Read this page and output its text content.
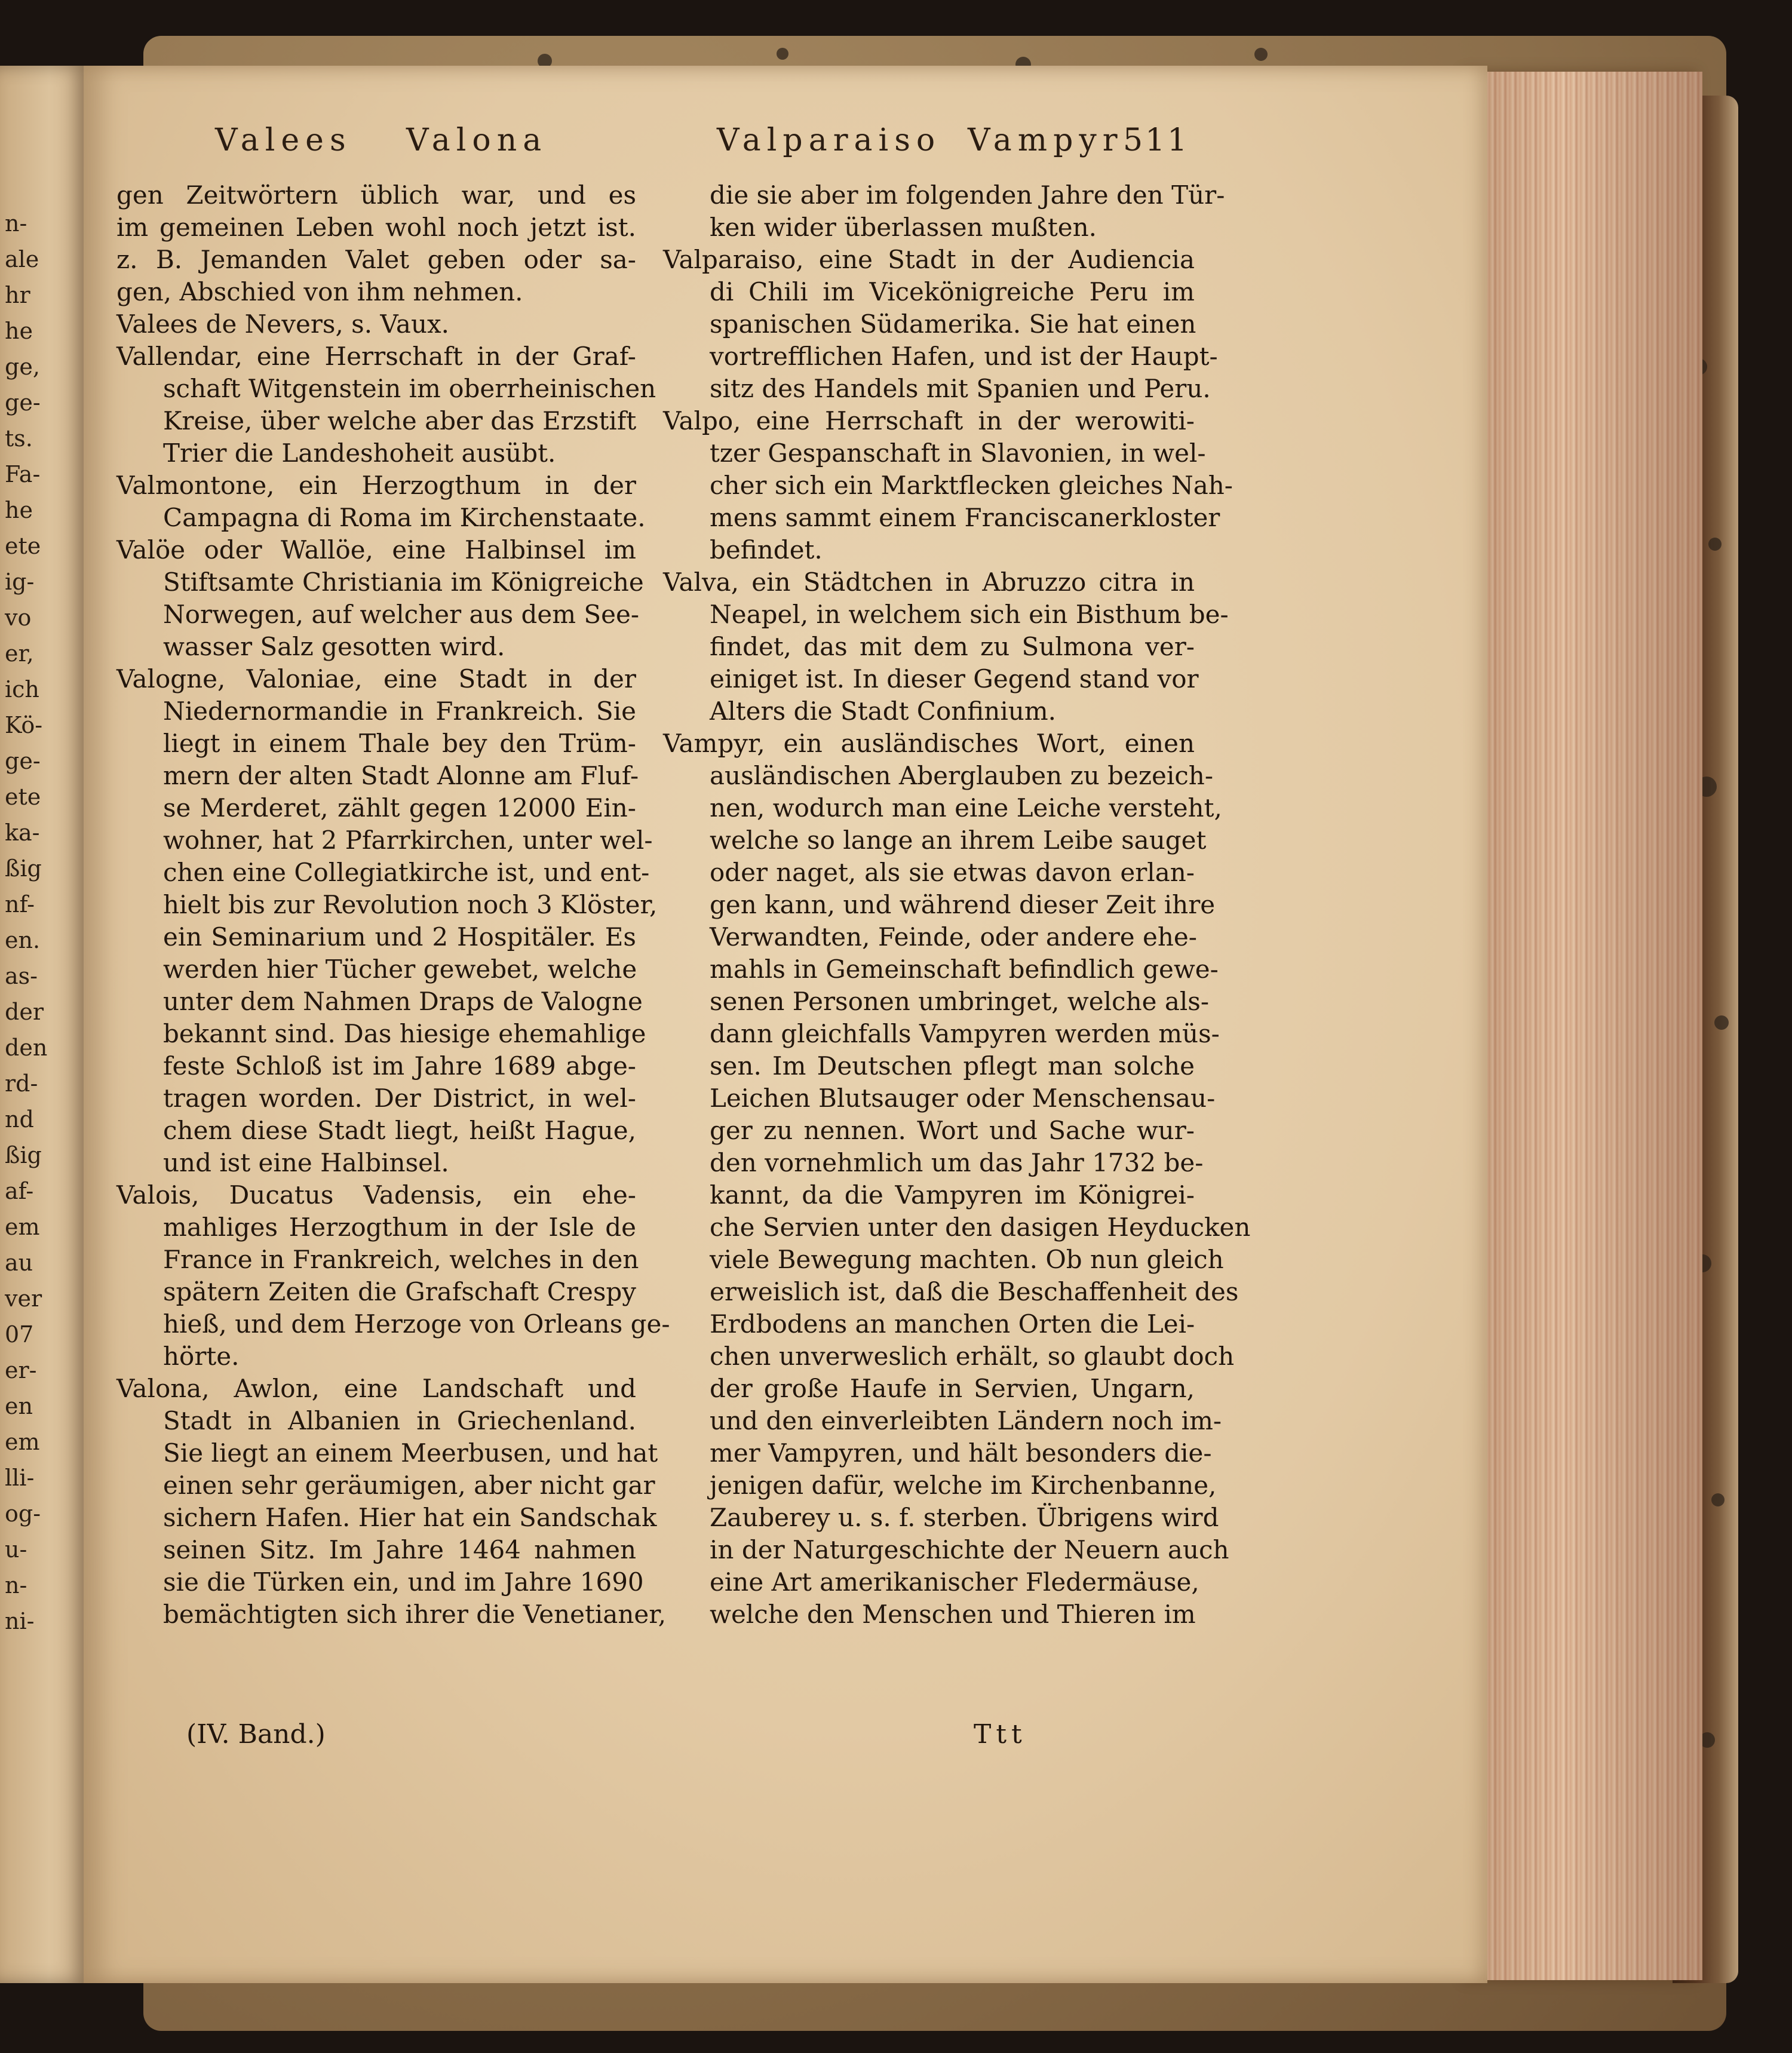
n-
ale
hr
he
ge,
ge-
ts.
Fa-
he
ete
ig-
vo
er,
ich
Kö-
ge-
ete
ka-
ßig
nf-
en.
as-
der
den
rd-
nd
ßig
af-
em
au
ver
07
er-
en
em
lli-
og-
u-
n-
ni-
Valees Valona	Valparaiso Vampyr 511
gen Zeitwörtern üblich war, und es
im gemeinen Leben wohl noch jetzt ist.
z. B. Jemanden Valet geben oder sa-
gen, Abschied von ihm nehmen.
Valees de Nevers, s. Vaux.
Vallendar, eine Herrschaft in der Graf-
schaft Witgenstein im oberrheinischen
Kreise, über welche aber das Erzstift
Trier die Landeshoheit ausübt.
Valmontone, ein Herzogthum in der
Campagna di Roma im Kirchenstaate.
Valöe oder Wallöe, eine Halbinsel im
Stiftsamte Christiania im Königreiche
Norwegen, auf welcher aus dem See-
wasser Salz gesotten wird.
Valogne, Valoniae, eine Stadt in der
Niedernormandie in Frankreich. Sie
liegt in einem Thale bey den Trüm-
mern der alten Stadt Alonne am Fluf-
se Merderet, zählt gegen 12000 Ein-
wohner, hat 2 Pfarrkirchen, unter wel-
chen eine Collegiatkirche ist, und ent-
hielt bis zur Revolution noch 3 Klöster,
ein Seminarium und 2 Hospitäler. Es
werden hier Tücher gewebet, welche
unter dem Nahmen Draps de Valogne
bekannt sind. Das hiesige ehemahlige
feste Schloß ist im Jahre 1689 abge-
tragen worden. Der District, in wel-
chem diese Stadt liegt, heißt Hague,
und ist eine Halbinsel.
Valois, Ducatus Vadensis, ein ehe-
mahliges Herzogthum in der Isle de
France in Frankreich, welches in den
spätern Zeiten die Grafschaft Crespy
hieß, und dem Herzoge von Orleans ge-
hörte.
Valona, Awlon, eine Landschaft und
Stadt in Albanien in Griechenland.
Sie liegt an einem Meerbusen, und hat
einen sehr geräumigen, aber nicht gar
sichern Hafen. Hier hat ein Sandschak
seinen Sitz. Im Jahre 1464 nahmen
sie die Türken ein, und im Jahre 1690
bemächtigten sich ihrer die Venetianer,
die sie aber im folgenden Jahre den Tür-
ken wider überlassen mußten.
Valparaiso, eine Stadt in der Audiencia
di Chili im Vicekönigreiche Peru im
spanischen Südamerika. Sie hat einen
vortrefflichen Hafen, und ist der Haupt-
sitz des Handels mit Spanien und Peru.
Valpo, eine Herrschaft in der werowiti-
tzer Gespanschaft in Slavonien, in wel-
cher sich ein Marktflecken gleiches Nah-
mens sammt einem Franciscanerkloster
befindet.
Valva, ein Städtchen in Abruzzo citra in
Neapel, in welchem sich ein Bisthum be-
findet, das mit dem zu Sulmona ver-
einiget ist. In dieser Gegend stand vor
Alters die Stadt Confinium.
Vampyr, ein ausländisches Wort, einen
ausländischen Aberglauben zu bezeich-
nen, wodurch man eine Leiche versteht,
welche so lange an ihrem Leibe sauget
oder naget, als sie etwas davon erlan-
gen kann, und während dieser Zeit ihre
Verwandten, Feinde, oder andere ehe-
mahls in Gemeinschaft befindlich gewe-
senen Personen umbringet, welche als-
dann gleichfalls Vampyren werden müs-
sen. Im Deutschen pflegt man solche
Leichen Blutsauger oder Menschensau-
ger zu nennen. Wort und Sache wur-
den vornehmlich um das Jahr 1732 be-
kannt, da die Vampyren im Königrei-
che Servien unter den dasigen Heyducken
viele Bewegung machten. Ob nun gleich
erweislich ist, daß die Beschaffenheit des
Erdbodens an manchen Orten die Lei-
chen unverweslich erhält, so glaubt doch
der große Haufe in Servien, Ungarn,
und den einverleibten Ländern noch im-
mer Vampyren, und hält besonders die-
jenigen dafür, welche im Kirchenbanne,
Zauberey u. s. f. sterben. Übrigens wird
in der Naturgeschichte der Neuern auch
eine Art amerikanischer Fledermäuse,
welche den Menschen und Thieren im
(IV. Band.)	Ttt
